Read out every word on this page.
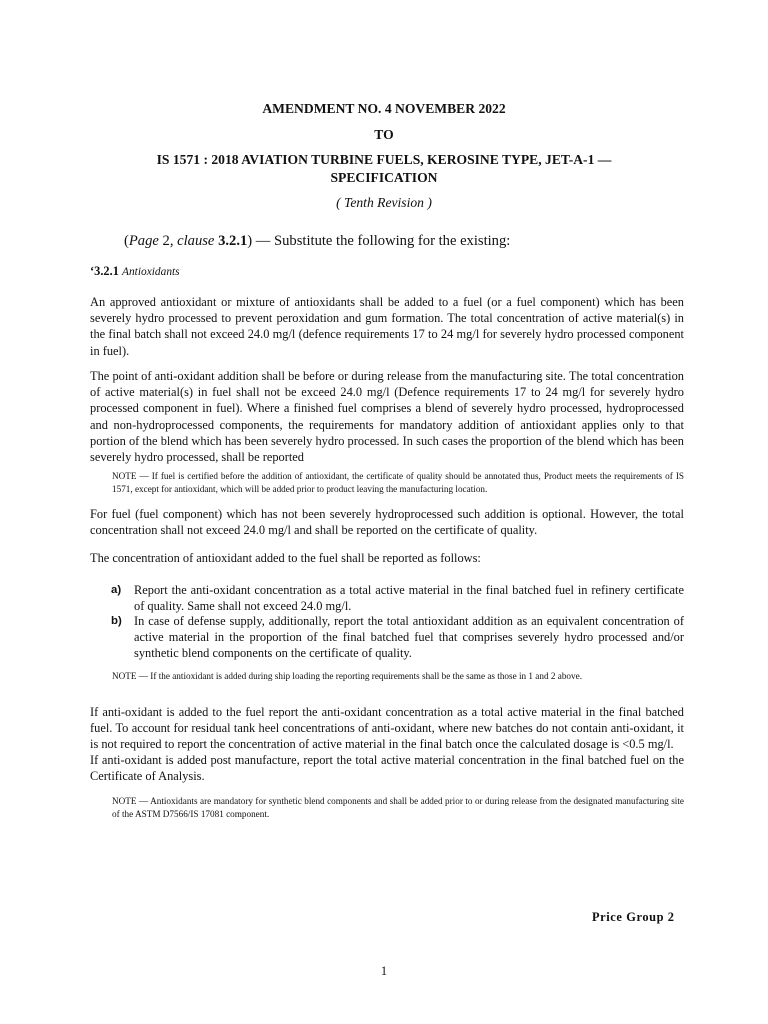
AMENDMENT NO. 4 NOVEMBER 2022
TO
IS 1571 : 2018 AVIATION TURBINE FUELS, KEROSINE TYPE, JET-A-1 —
SPECIFICATION
( Tenth Revision )
(Page 2, clause 3.2.1) — Substitute the following for the existing:
‘3.2.1 Antioxidants

An approved antioxidant or mixture of antioxidants shall be added to a fuel (or a fuel component) which has been severely hydro processed to prevent peroxidation and gum formation. The total concentration of active material(s) in the final batch shall not exceed 24.0 mg/l (defence requirements 17 to 24 mg/l for severely hydro processed component in fuel).

The point of anti-oxidant addition shall be before or during release from the manufacturing site. The total concentration of active material(s) in fuel shall not be exceed 24.0 mg/l (Defence requirements 17 to 24 mg/l for severely hydro processed component in fuel). Where a finished fuel comprises a blend of severely hydro processed, hydroprocessed and non-hydroprocessed components, the requirements for mandatory addition of antioxidant applies only to that portion of the blend which has been severely hydro processed. In such cases the proportion of the blend which has been severely hydro processed, shall be reported

NOTE — If fuel is certified before the addition of antioxidant, the certificate of quality should be annotated thus, Product meets the requirements of IS 1571, except for antioxidant, which will be added prior to product leaving the manufacturing location.

For fuel (fuel component) which has not been severely hydroprocessed such addition is optional. However, the total concentration shall not exceed 24.0 mg/l and shall be reported on the certificate of quality.

The concentration of antioxidant added to the fuel shall be reported as follows:

a) Report the anti-oxidant concentration as a total active material in the final batched fuel in refinery certificate of quality. Same shall not exceed 24.0 mg/l.
b) In case of defense supply, additionally, report the total antioxidant addition as an equivalent concentration of active material in the proportion of the final batched fuel that comprises severely hydro processed and/or synthetic blend components on the certificate of quality.

NOTE — If the antioxidant is added during ship loading the reporting requirements shall be the same as those in 1 and 2 above.

If anti-oxidant is added to the fuel report the anti-oxidant concentration as a total active material in the final batched fuel. To account for residual tank heel concentrations of anti-oxidant, where new batches do not contain anti-oxidant, it is not required to report the concentration of active material in the final batch once the calculated dosage is <0.5 mg/l.

If anti-oxidant is added post manufacture, report the total active material concentration in the final batched fuel on the Certificate of Analysis.

NOTE — Antioxidants are mandatory for synthetic blend components and shall be added prior to or during release from the designated manufacturing site of the ASTM D7566/IS 17081 component.

Price Group 2
1
